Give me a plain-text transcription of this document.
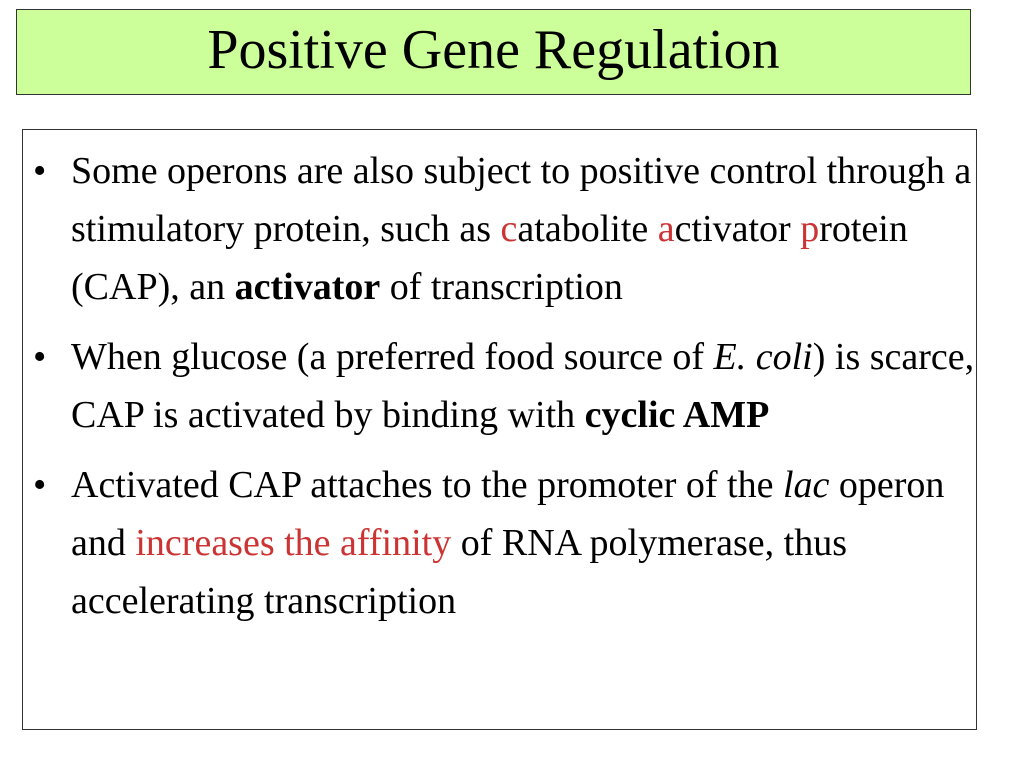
Positive Gene Regulation
• Some operons are also subject to positive control through a stimulatory protein, such as catabolite activator protein (CAP), an activator of transcription
• When glucose (a preferred food source of E. coli) is scarce, CAP is activated by binding with cyclic AMP
• Activated CAP attaches to the promoter of the lac operon and increases the affinity of RNA polymerase, thus accelerating transcription
